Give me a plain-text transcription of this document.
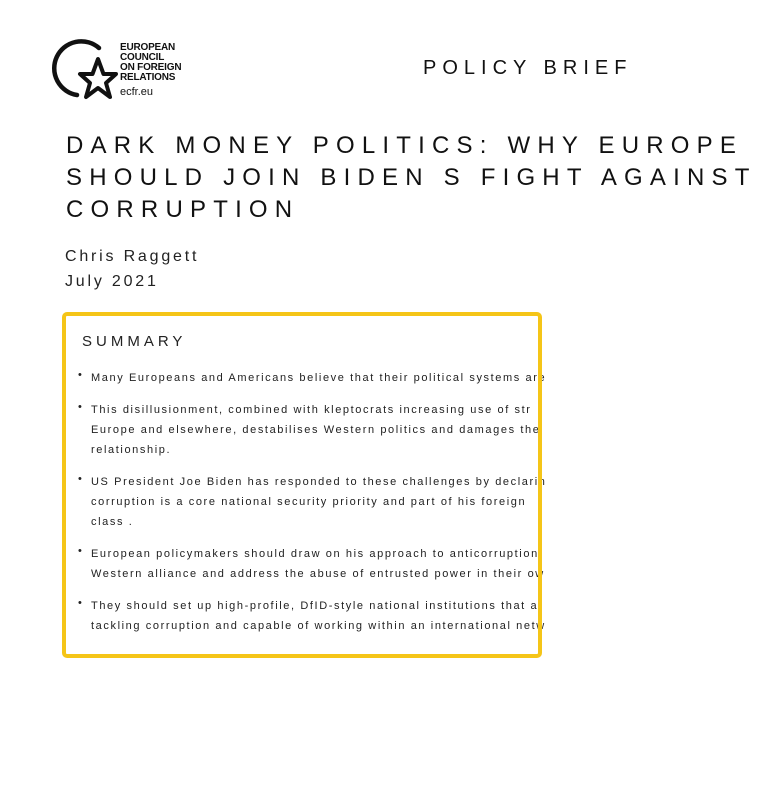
EUROPEAN
COUNCIL
ON FOREIGN
RELATIONS
ecfr.eu
POLICY BRIEF
DARK MONEY POLITICS: WHY EUROPE
SHOULD JOIN BIDEN S FIGHT AGAINST
CORRUPTION
Chris Raggett
July 2021
SUMMARY
• Many Europeans and Americans believe that their political systems are
• This disillusionment, combined with kleptocrats increasing use of str
Europe and elsewhere, destabilises Western politics and damages the
relationship.
• US President Joe Biden has responded to these challenges by declarin
corruption is a core national security priority and part of his foreign
class .
• European policymakers should draw on his approach to anticorruption
Western alliance and address the abuse of entrusted power in their ow
• They should set up high-profile, DfID-style national institutions that a
tackling corruption and capable of working within an international netw
